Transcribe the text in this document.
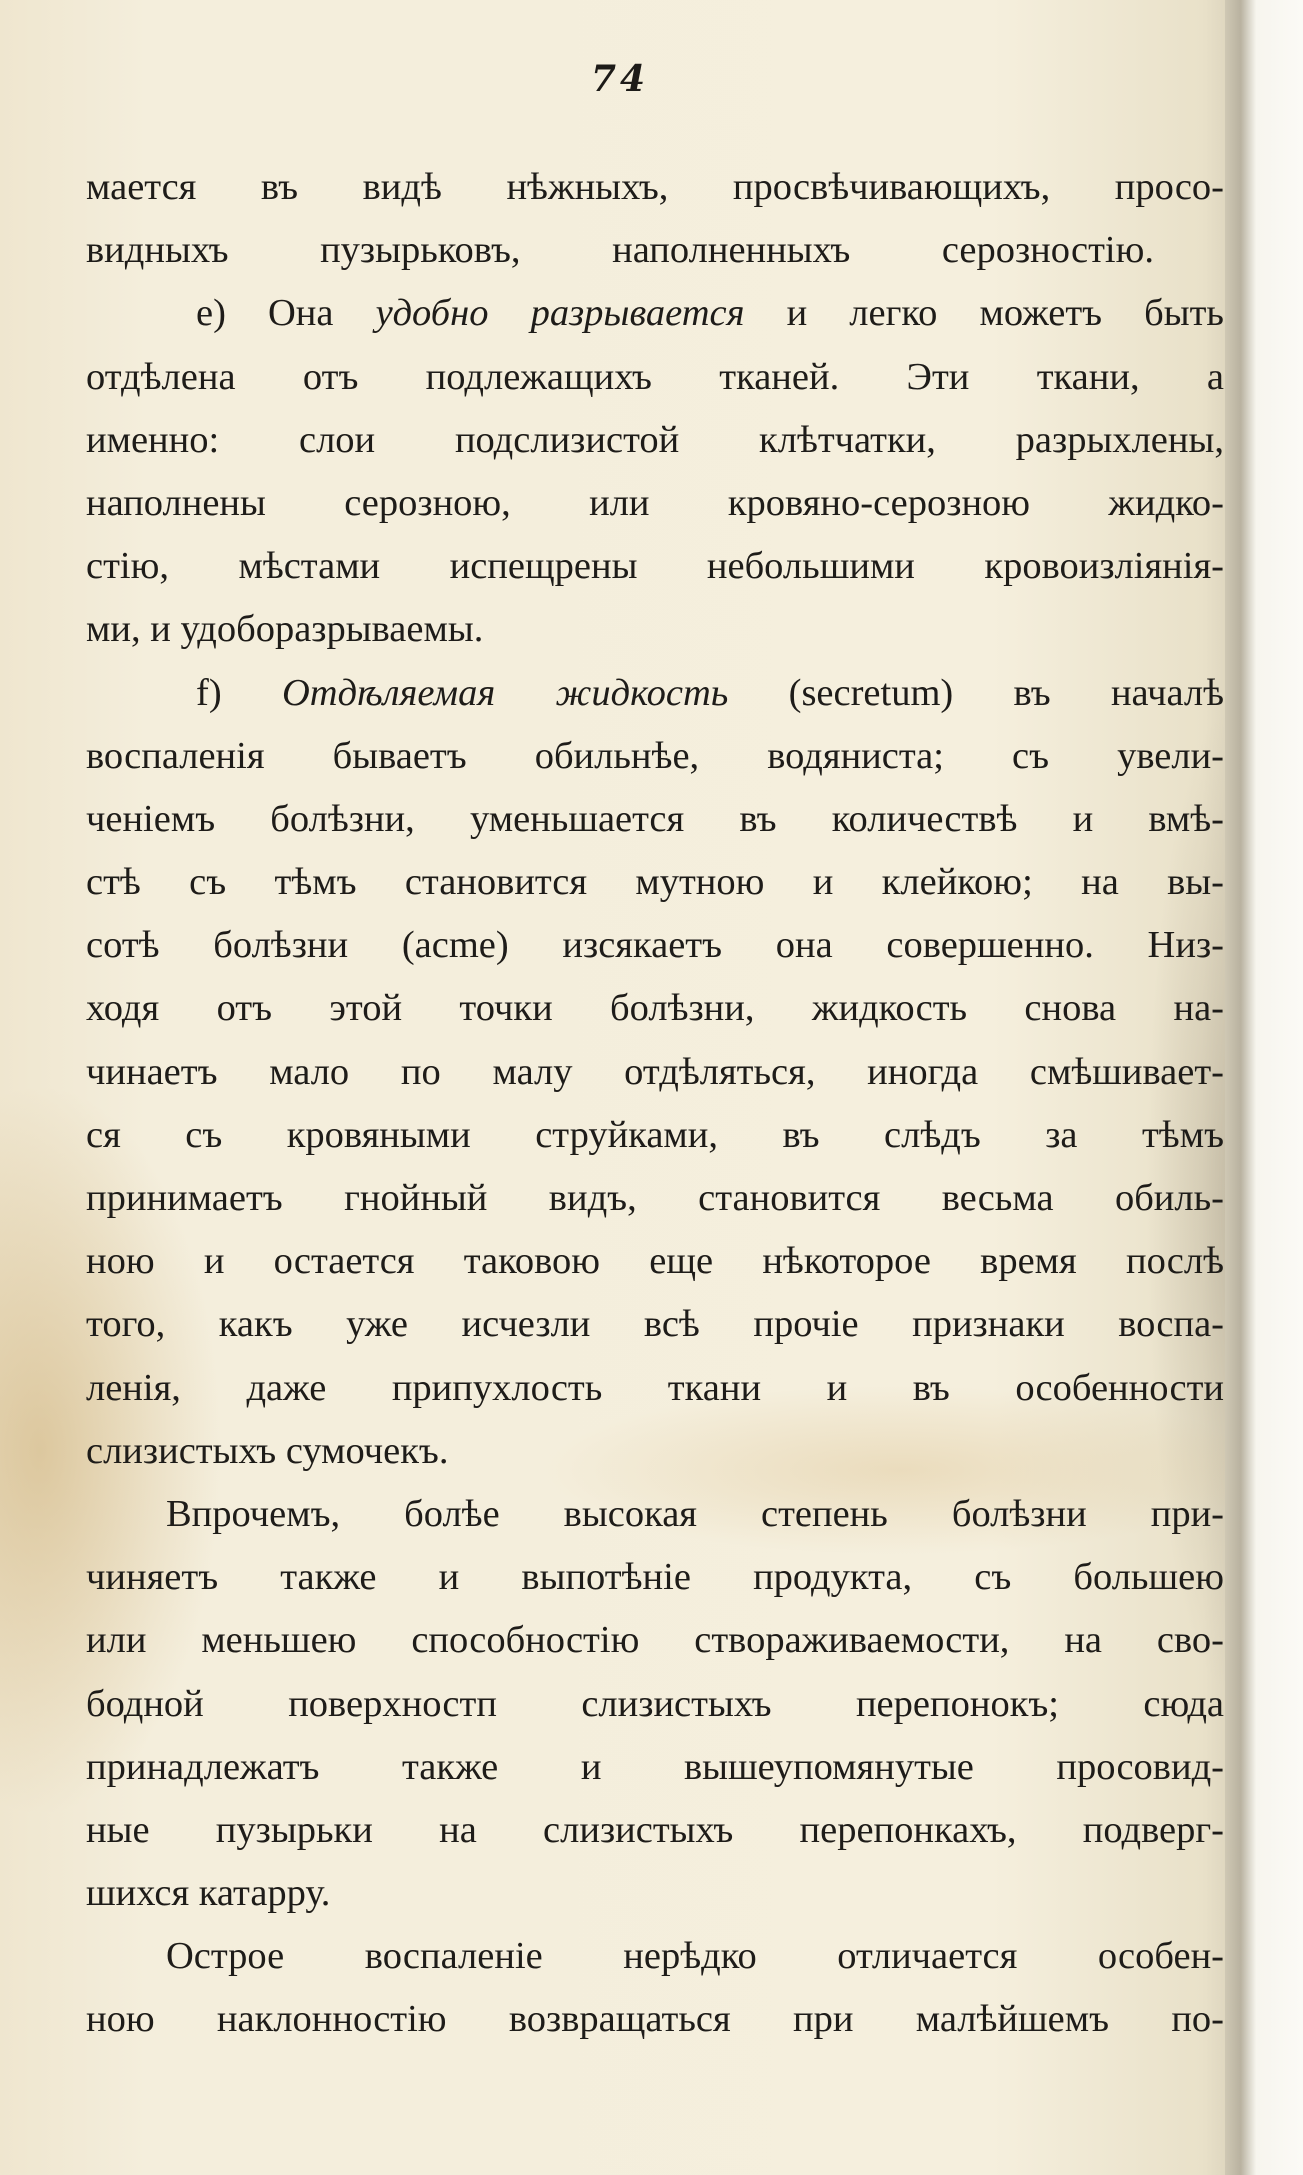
74
мается въ видѣ нѣжныхъ, просвѣчивающихъ, просо-
видныхъ пузырьковъ, наполненныхъ серозностію.
e) Она удобно разрывается и легко можетъ быть
отдѣлена отъ подлежащихъ тканей. Эти ткани, а
именно: слои подслизистой клѣтчатки, разрыхлены,
наполнены серозною, или кровяно-серозною жидко-
стію, мѣстами испещрены небольшими кровоизліянія-
ми, и удоборазрываемы.
f) Отдѣляемая жидкость (secretum) въ началѣ
воспаленія бываетъ обильнѣе, водяниста; съ увели-
ченіемъ болѣзни, уменьшается въ количествѣ и вмѣ-
стѣ съ тѣмъ становится мутною и клейкою; на вы-
сотѣ болѣзни (acme) изсякаетъ она совершенно. Низ-
ходя отъ этой точки болѣзни, жидкость снова на-
чинаетъ мало по малу отдѣляться, иногда смѣшивает-
ся съ кровяными струйками, въ слѣдъ за тѣмъ
принимаетъ гнойный видъ, становится весьма обиль-
ною и остается таковою еще нѣкоторое время послѣ
того, какъ уже исчезли всѣ прочіе признаки воспа-
ленія, даже припухлость ткани и въ особенности
слизистыхъ сумочекъ.
Впрочемъ, болѣе высокая степень болѣзни при-
чиняетъ также и выпотѣніе продукта, съ большею
или меньшею способностію створаживаемости, на сво-
бодной поверхностп слизистыхъ перепонокъ; сюда
принадлежатъ также и вышеупомянутые просовид-
ные пузырьки на слизистыхъ перепонкахъ, подверг-
шихся катарру.
Острое воспаленіе нерѣдко отличается особен-
ною наклонностію возвращаться при малѣйшемъ по-
